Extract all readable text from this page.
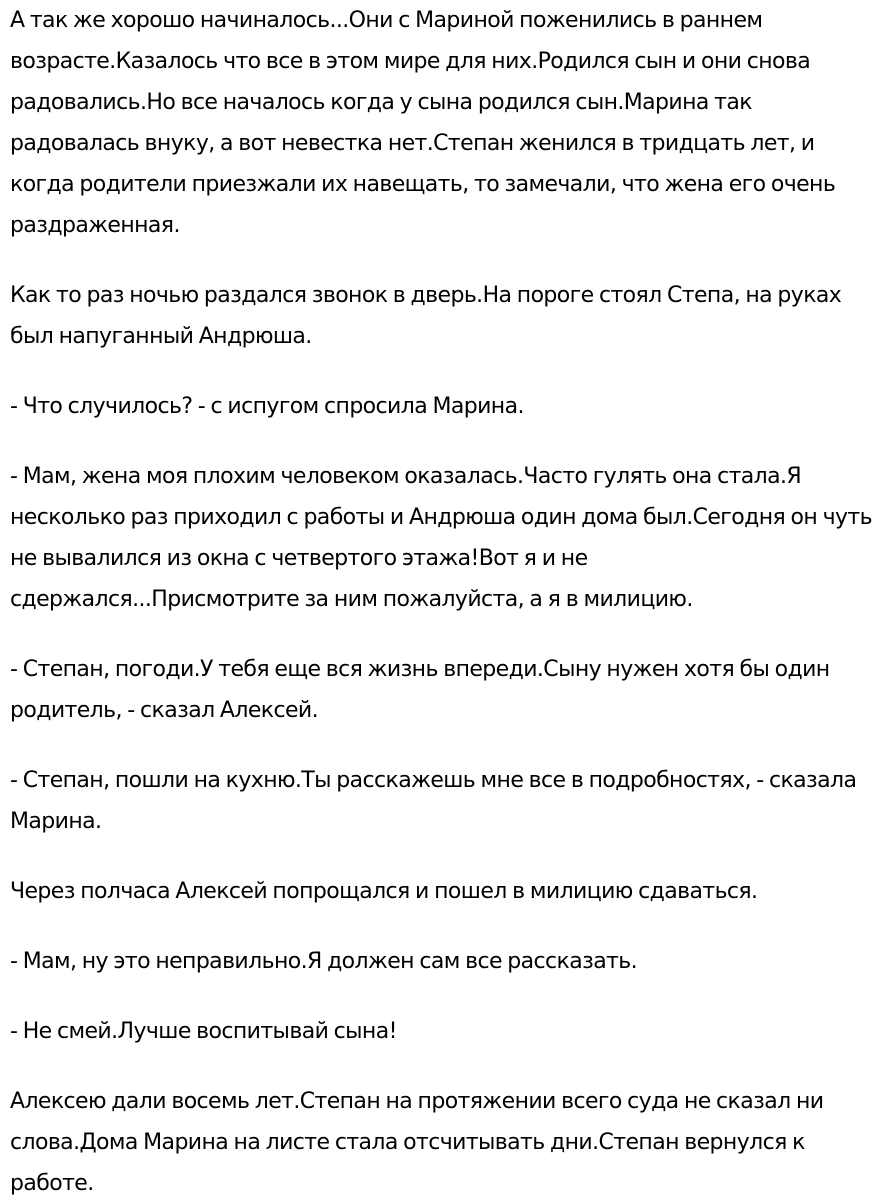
А так же хорошо начиналось...Они с Мариной поженились в раннем возрасте.Казалось что все в этом мире для них.Родился сын и они снова радовались.Но все началось когда у сына родился сын.Марина так радовалась внуку, а вот невестка нет.Степан женился в тридцать лет, и когда родители приезжали их навещать, то замечали, что жена его очень раздраженная.

Как то раз ночью раздался звонок в дверь.На пороге стоял Степа, на руках был напуганный Андрюша.

- Что случилось? - с испугом спросила Марина.

- Мам, жена моя плохим человеком оказалась.Часто гулять она стала.Я несколько раз приходил с работы и Андрюша один дома был.Сегодня он чуть не вывалился из окна с четвертого этажа!Вот я и не сдержался...Присмотрите за ним пожалуйста, а я в милицию.

- Степан, погоди.У тебя еще вся жизнь впереди.Сыну нужен хотя бы один родитель, - сказал Алексей.

- Степан, пошли на кухню.Ты расскажешь мне все в подробностях, - сказала Марина.

Через полчаса Алексей попрощался и пошел в милицию сдаваться.

- Мам, ну это неправильно.Я должен сам все рассказать.

- Не смей.Лучше воспитывай сына!

Алексею дали восемь лет.Степан на протяжении всего суда не сказал ни слова.Дома Марина на листе стала отсчитывать дни.Степан вернулся к работе.
